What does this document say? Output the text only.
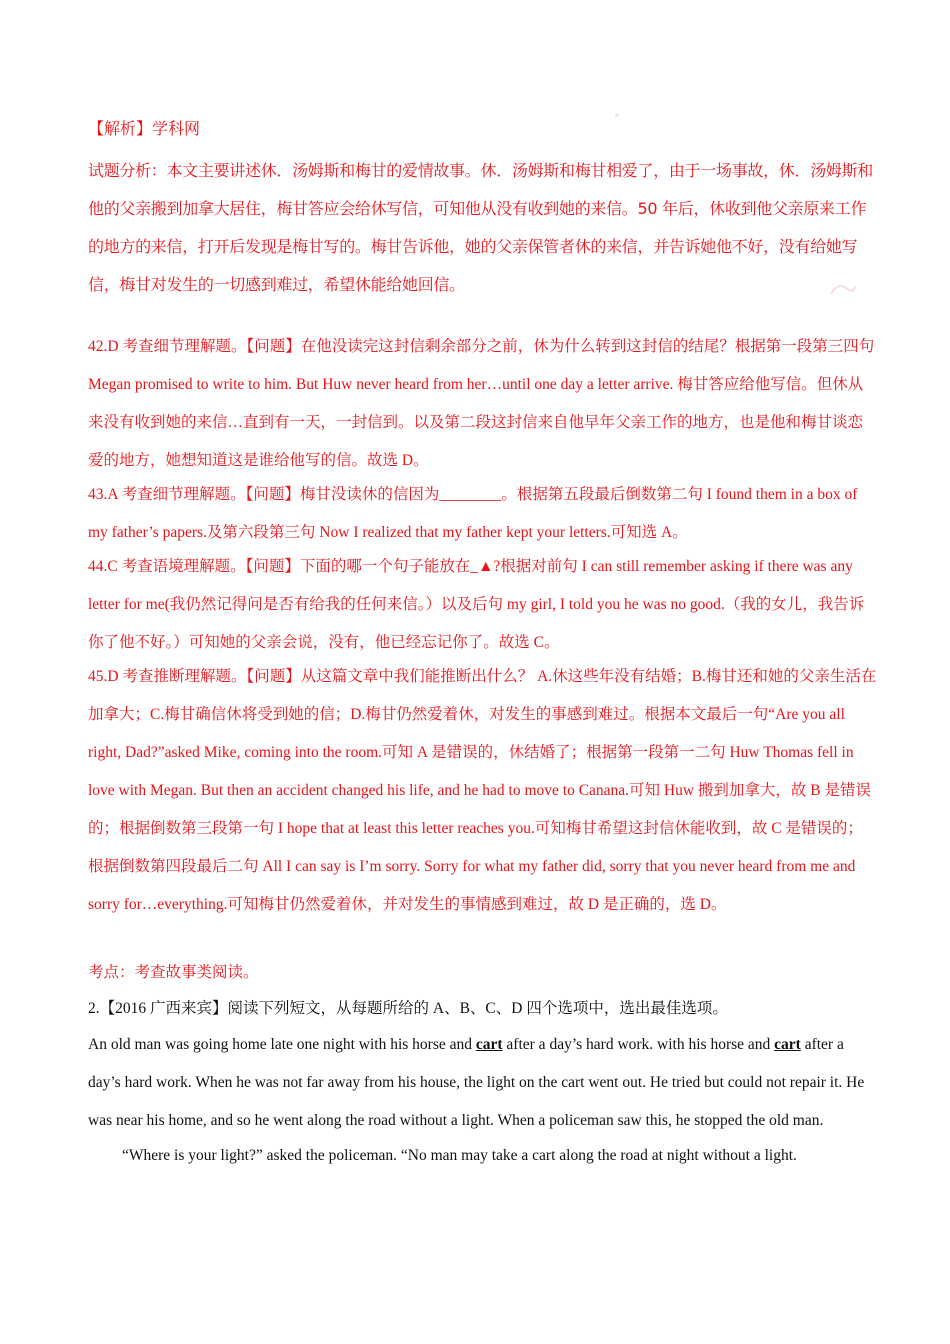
【解析】学科网
试题分析：本文主要讲述休．汤姆斯和梅甘的爱情故事。休．汤姆斯和梅甘相爱了，由于一场事故，休．汤姆斯和他的父亲搬到加拿大居住，梅甘答应会给休写信，可知他从没有收到她的来信。50 年后，休收到他父亲原来工作的地方的来信，打开后发现是梅甘写的。梅甘告诉他，她的父亲保管者休的来信，并告诉她他不好，没有给她写信，梅甘对发生的一切感到难过，希望休能给她回信。

42.D 考查细节理解题。【问题】在他没读完这封信剩余部分之前，休为什么转到这封信的结尾？根据第一段第三四句 Megan promised to write to him. But Huw never heard from her…until one day a letter arrive. 梅甘答应给他写信。但休从来没有收到她的来信…直到有一天，一封信到。以及第二段这封信来自他早年父亲工作的地方，也是他和梅甘谈恋爱的地方，她想知道这是谁给他写的信。故选 D。

43.A 考查细节理解题。【问题】梅甘没读休的信因为________。根据第五段最后倒数第二句 I found them in a box of my father’s papers.及第六段第三句 Now I realized that my father kept your letters.可知选 A。

44.C 考查语境理解题。【问题】下面的哪一个句子能放在_▲?根据对前句 I can still remember asking if there was any letter for me(我仍然记得问是否有给我的任何来信。）以及后句 my girl, I told you he was no good.（我的女儿，我告诉你了他不好。）可知她的父亲会说，没有，他已经忘记你了。故选 C。

45.D 考查推断理解题。【问题】从这篇文章中我们能推断出什么？ A.休这些年没有结婚；B.梅甘还和她的父亲生活在加拿大；C.梅甘确信休将受到她的信；D.梅甘仍然爱着休，对发生的事感到难过。根据本文最后一句“Are you all right, Dad?”asked Mike, coming into the room.可知 A 是错误的，休结婚了；根据第一段第一二句 Huw Thomas fell in love with Megan. But then an accident changed his life, and he had to move to Canana.可知 Huw 搬到加拿大，故 B 是错误的；根据倒数第三段第一句 I hope that at least this letter reaches you.可知梅甘希望这封信休能收到，故 C 是错误的；根据倒数第四段最后二句 All I can say is I’m sorry. Sorry for what my father did, sorry that you never heard from me and sorry for…everything.可知梅甘仍然爱着休，并对发生的事情感到难过，故 D 是正确的，选 D。

考点：考查故事类阅读。
2.【2016 广西来宾】阅读下列短文，从每题所给的 A、B、C、D 四个选项中，选出最佳选项。

An old man was going home late one night with his horse and cart after a day’s hard work. with his horse and cart after a day’s hard work. When he was not far away from his house, the light on the cart went out. He tried but could not repair it. He was near his home, and so he went along the road without a light. When a policeman saw this, he stopped the old man.

“Where is your light?” asked the policeman. “No man may take a cart along the road at night without a light.
